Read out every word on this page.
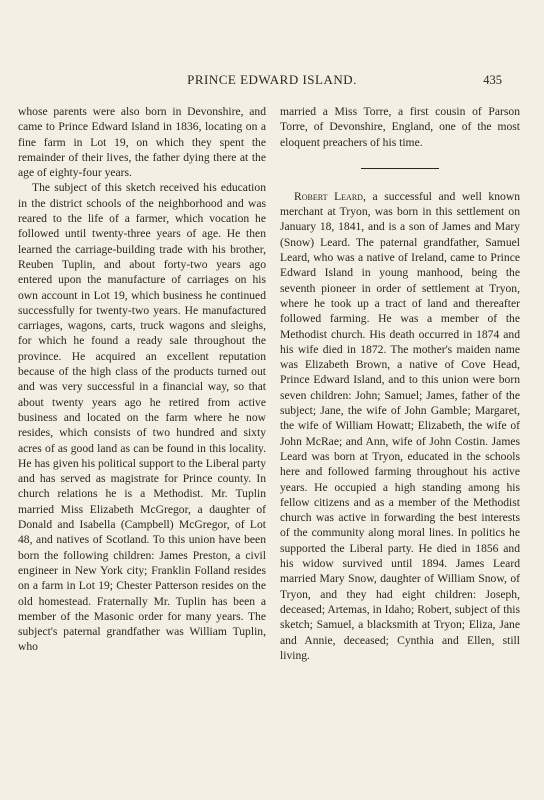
PRINCE EDWARD ISLAND.	435

whose parents were also born in Devonshire, and came to Prince Edward Island in 1836, locating on a fine farm in Lot 19, on which they spent the remainder of their lives, the father dying there at the age of eighty-four years.

The subject of this sketch received his education in the district schools of the neighborhood and was reared to the life of a farmer, which vocation he followed until twenty-three years of age. He then learned the carriage-building trade with his brother, Reuben Tuplin, and about forty-two years ago entered upon the manufacture of carriages on his own account in Lot 19, which business he continued successfully for twenty-two years. He manufactured carriages, wagons, carts, truck wagons and sleighs, for which he found a ready sale throughout the province. He acquired an excellent reputation because of the high class of the products turned out and was very successful in a financial way, so that about twenty years ago he retired from active business and located on the farm where he now resides, which consists of two hundred and sixty acres of as good land as can be found in this locality. He has given his political support to the Liberal party and has served as magistrate for Prince county. In church relations he is a Methodist. Mr. Tuplin married Miss Elizabeth McGregor, a daughter of Donald and Isabella (Campbell) McGregor, of Lot 48, and natives of Scotland. To this union have been born the following children: James Preston, a civil engineer in New York city; Franklin Folland resides on a farm in Lot 19; Chester Patterson resides on the old homestead. Fraternally Mr. Tuplin has been a member of the Masonic order for many years. The subject's paternal grandfather was William Tuplin, who

married a Miss Torre, a first cousin of Parson Torre, of Devonshire, England, one of the most eloquent preachers of his time.

Robert Leard, a successful and well known merchant at Tryon, was born in this settlement on January 18, 1841, and is a son of James and Mary (Snow) Leard. The paternal grandfather, Samuel Leard, who was a native of Ireland, came to Prince Edward Island in young manhood, being the seventh pioneer in order of settlement at Tryon, where he took up a tract of land and thereafter followed farming. He was a member of the Methodist church. His death occurred in 1874 and his wife died in 1872. The mother's maiden name was Elizabeth Brown, a native of Cove Head, Prince Edward Island, and to this union were born seven children: John; Samuel; James, father of the subject; Jane, the wife of John Gamble; Margaret, the wife of William Howatt; Elizabeth, the wife of John McRae; and Ann, wife of John Costin. James Leard was born at Tryon, educated in the schools here and followed farming throughout his active years. He occupied a high standing among his fellow citizens and as a member of the Methodist church was active in forwarding the best interests of the community along moral lines. In politics he supported the Liberal party. He died in 1856 and his widow survived until 1894. James Leard married Mary Snow, daughter of William Snow, of Tryon, and they had eight children: Joseph, deceased; Artemas, in Idaho; Robert, subject of this sketch; Samuel, a blacksmith at Tryon; Eliza, Jane and Annie, deceased; Cynthia and Ellen, still living.
